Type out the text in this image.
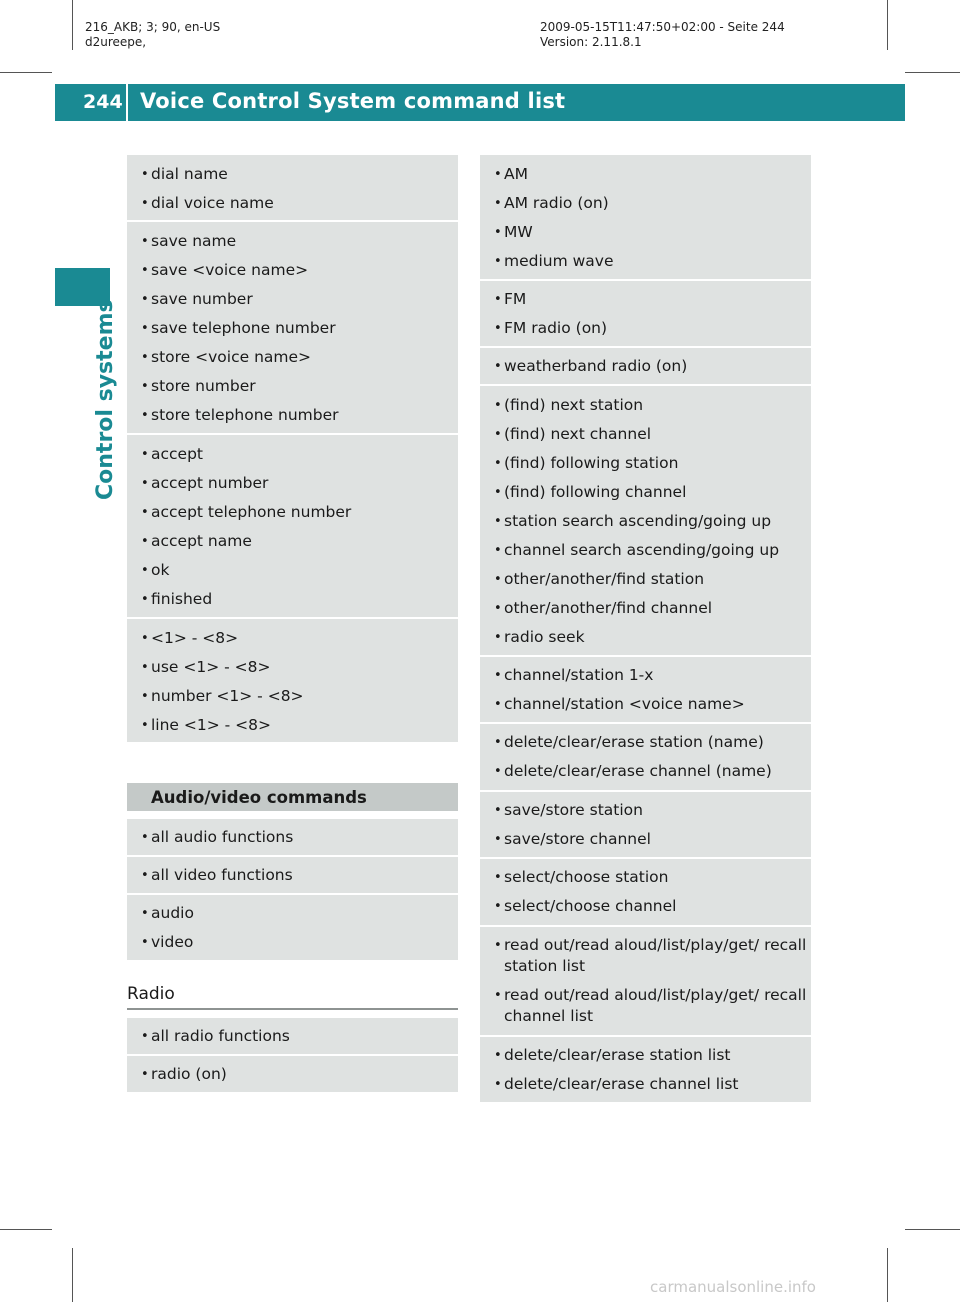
216_AKB; 3; 90, en-US
d2ureepe,
2009-05-15T11:47:50+02:00 - Seite 244
Version: 2.11.8.1
244 Voice Control System command list
Control systems
• dial name
• dial voice name
• save name
• save <voice name>
• save number
• save telephone number
• store <voice name>
• store number
• store telephone number
• accept
• accept number
• accept telephone number
• accept name
• ok
• finished
• <1> - <8>
• use <1> - <8>
• number <1> - <8>
• line <1> - <8>
Audio/video commands
• all audio functions
• all video functions
• audio
• video
Radio
• all radio functions
• radio (on)
• AM
• AM radio (on)
• MW
• medium wave
• FM
• FM radio (on)
• weatherband radio (on)
• (find) next station
• (find) next channel
• (find) following station
• (find) following channel
• station search ascending/going up
• channel search ascending/going up
• other/another/find station
• other/another/find channel
• radio seek
• channel/station 1-x
• channel/station <voice name>
• delete/clear/erase station (name)
• delete/clear/erase channel (name)
• save/store station
• save/store channel
• select/choose station
• select/choose channel
• read out/read aloud/list/play/get/ recall station list
• read out/read aloud/list/play/get/ recall channel list
• delete/clear/erase station list
• delete/clear/erase channel list
carmanualsonline.info
